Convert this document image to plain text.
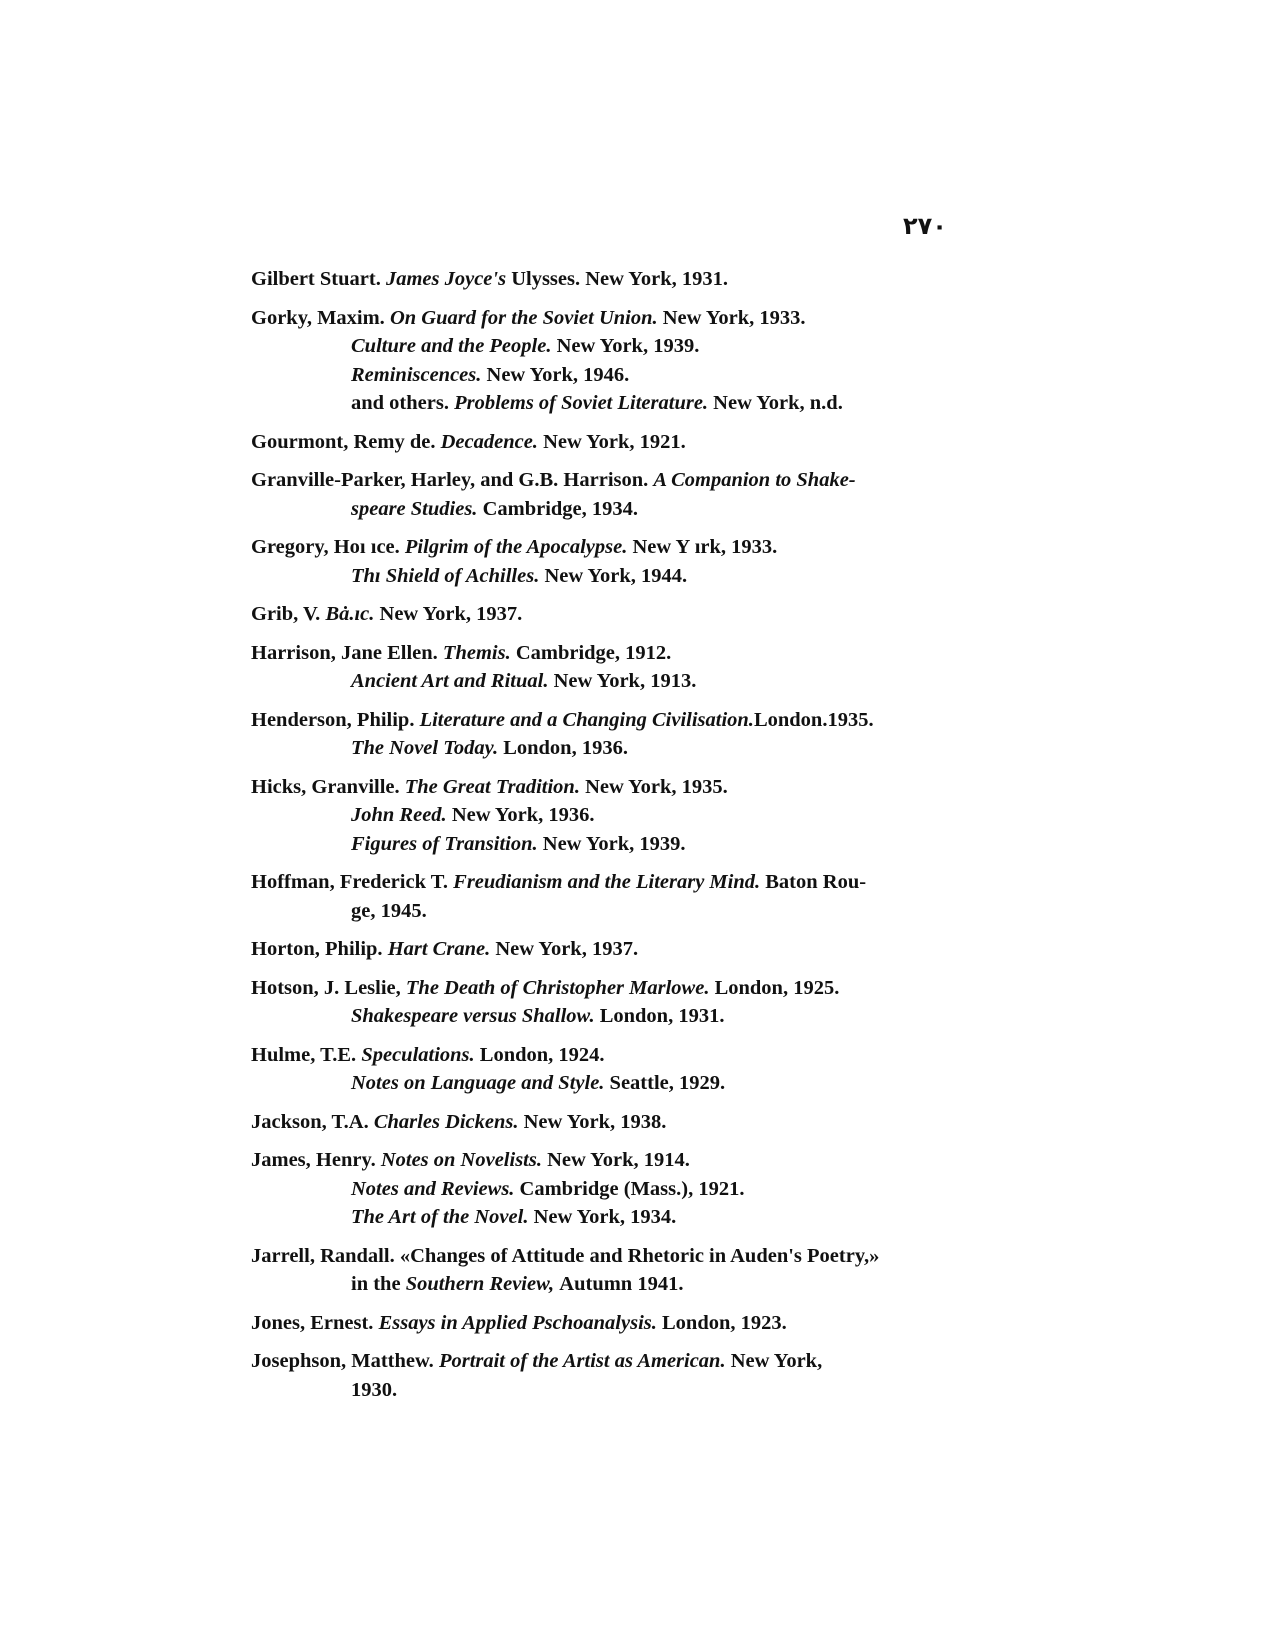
٢٧٠
Gilbert Stuart. James Joyce's Ulysses. New York, 1931.
Gorky, Maxim. On Guard for the Soviet Union. New York, 1933.
Culture and the People. New York, 1939.
Reminiscences. New York, 1946.
and others. Problems of Soviet Literature. New York, n.d.
Gourmont, Remy de. Decadence. New York, 1921.
Granville-Parker, Harley, and G.B. Harrison. A Companion to Shake-
speare Studies. Cambridge, 1934.
Gregory, Hoı ıce. Pilgrim of the Apocalypse. New Y ırk, 1933.
Thı Shield of Achilles. New York, 1944.
Grib, V. Bȧ.ıc. New York, 1937.
Harrison, Jane Ellen. Themis. Cambridge, 1912.
Ancient Art and Ritual. New York, 1913.
Henderson, Philip. Literature and a Changing Civilisation.London.1935.
The Novel Today. London, 1936.
Hicks, Granville. The Great Tradition. New York, 1935.
John Reed. New York, 1936.
Figures of Transition. New York, 1939.
Hoffman, Frederick T. Freudianism and the Literary Mind. Baton Rou-
ge, 1945.
Horton, Philip. Hart Crane. New York, 1937.
Hotson, J. Leslie, The Death of Christopher Marlowe. London, 1925.
Shakespeare versus Shallow. London, 1931.
Hulme, T.E. Speculations. London, 1924.
Notes on Language and Style. Seattle, 1929.
Jackson, T.A. Charles Dickens. New York, 1938.
James, Henry. Notes on Novelists. New York, 1914.
Notes and Reviews. Cambridge (Mass.), 1921.
The Art of the Novel. New York, 1934.
Jarrell, Randall. «Changes of Attitude and Rhetoric in Auden's Poetry,»
in the Southern Review, Autumn 1941.
Jones, Ernest. Essays in Applied Pschoanalysis. London, 1923.
Josephson, Matthew. Portrait of the Artist as American. New York,
1930.
